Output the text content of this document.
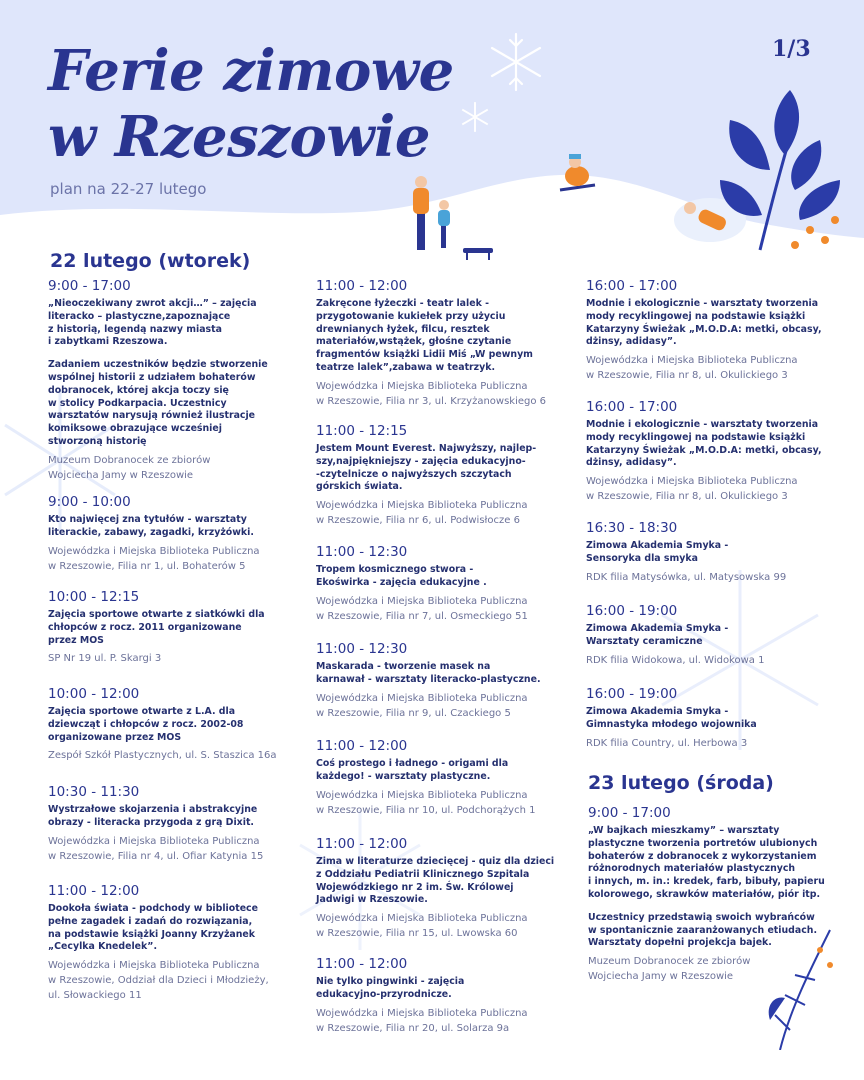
Ferie zimowe
w Rzeszowie
plan na 22-27 lutego
1/3
22 lutego (wtorek)
9:00 - 17:00
„Nieoczekiwany zwrot akcji…” – zajęcia
literacko – plastyczne,zapoznające
z historią, legendą nazwy miasta
i zabytkami Rzeszowa.
Zadaniem uczestników będzie stworzenie
wspólnej historii z udziałem bohaterów
dobranocek, której akcja toczy się
w stolicy Podkarpacia. Uczestnicy
warsztatów narysują również ilustracje
komiksowe obrazujące wcześniej
stworzoną historię
Muzeum Dobranocek ze zbiorów
Wojciecha Jamy w Rzeszowie
9:00 - 10:00
Kto najwięcej zna tytułów - warsztaty
literackie, zabawy, zagadki, krzyżówki.
Wojewódzka i Miejska Biblioteka Publiczna
w Rzeszowie, Filia nr 1, ul. Bohaterów 5
10:00 - 12:15
Zajęcia sportowe otwarte z siatkówki dla
chłopców z rocz. 2011 organizowane
przez MOS
SP Nr 19 ul. P. Skargi 3
10:00 - 12:00
Zajęcia sportowe otwarte z L.A. dla
dziewcząt i chłopców z rocz. 2002-08
organizowane przez MOS
Zespół Szkół Plastycznych, ul. S. Staszica 16a
10:30 - 11:30
Wystrzałowe skojarzenia i abstrakcyjne
obrazy - literacka przygoda z grą Dixit.
Wojewódzka i Miejska Biblioteka Publiczna
w Rzeszowie, Filia nr 4, ul. Ofiar Katynia 15
11:00 - 12:00
Dookoła świata - podchody w bibliotece
pełne zagadek i zadań do rozwiązania,
na podstawie książki Joanny Krzyżanek
„Cecylka Knedelek”.
Wojewódzka i Miejska Biblioteka Publiczna
w Rzeszowie, Oddział dla Dzieci i Młodzieży,
ul. Słowackiego 11
11:00 - 12:00
Zakręcone łyżeczki - teatr lalek -
przygotowanie kukiełek przy użyciu
drewnianych łyżek, filcu, resztek
materiałów,wstążek, głośne czytanie
fragmentów książki Lidii Miś „W pewnym
teatrze lalek”,zabawa w teatrzyk.
Wojewódzka i Miejska Biblioteka Publiczna
w Rzeszowie, Filia nr 3, ul. Krzyżanowskiego 6
11:00 - 12:15
Jestem Mount Everest. Najwyższy, najlep-
szy,najpiękniejszy - zajęcia edukacyjno-
-czytelnicze o najwyższych szczytach
górskich świata.
Wojewódzka i Miejska Biblioteka Publiczna
w Rzeszowie, Filia nr 6, ul. Podwisłocze 6
11:00 - 12:30
Tropem kosmicznego stwora -
Ekoświrka - zajęcia edukacyjne .
Wojewódzka i Miejska Biblioteka Publiczna
w Rzeszowie, Filia nr 7, ul. Osmeckiego 51
11:00 - 12:30
Maskarada - tworzenie masek na
karnawał - warsztaty literacko-plastyczne.
Wojewódzka i Miejska Biblioteka Publiczna
w Rzeszowie, Filia nr 9, ul. Czackiego 5
11:00 - 12:00
Coś prostego i ładnego - origami dla
każdego! - warsztaty plastyczne.
Wojewódzka i Miejska Biblioteka Publiczna
w Rzeszowie, Filia nr 10, ul. Podchorążych 1
11:00 - 12:00
Zima w literaturze dziecięcej - quiz dla dzieci
z Oddziału Pediatrii Klinicznego Szpitala
Wojewódzkiego nr 2 im. Św. Królowej
Jadwigi w Rzeszowie.
Wojewódzka i Miejska Biblioteka Publiczna
w Rzeszowie, Filia nr 15, ul. Lwowska 60
11:00 - 12:00
Nie tylko pingwinki - zajęcia
edukacyjno-przyrodnicze.
Wojewódzka i Miejska Biblioteka Publiczna
w Rzeszowie, Filia nr 20, ul. Solarza 9a
16:00 - 17:00
Modnie i ekologicznie - warsztaty tworzenia
mody recyklingowej na podstawie książki
Katarzyny Świeżak „M.O.D.A: metki, obcasy,
dżinsy, adidasy”.
Wojewódzka i Miejska Biblioteka Publiczna
w Rzeszowie, Filia nr 8, ul. Okulickiego 3
16:00 - 17:00
Modnie i ekologicznie - warsztaty tworzenia
mody recyklingowej na podstawie książki
Katarzyny Świeżak „M.O.D.A: metki, obcasy,
dżinsy, adidasy”.
Wojewódzka i Miejska Biblioteka Publiczna
w Rzeszowie, Filia nr 8, ul. Okulickiego 3
16:30 - 18:30
Zimowa Akademia Smyka -
Sensoryka dla smyka
RDK filia Matysówka, ul. Matysowska 99
16:00 - 19:00
Zimowa Akademia Smyka -
Warsztaty ceramiczne
RDK filia Widokowa, ul. Widokowa 1
16:00 - 19:00
Zimowa Akademia Smyka -
Gimnastyka młodego wojownika
RDK filia Country, ul. Herbowa 3
23 lutego (środa)
9:00 - 17:00
„W bajkach mieszkamy” – warsztaty
plastyczne tworzenia portretów ulubionych
bohaterów z dobranocek z wykorzystaniem
różnorodnych materiałów plastycznych
i innych, m. in.: kredek, farb, bibuły, papieru
kolorowego, skrawków materiałów, piór itp.
Uczestnicy przedstawią swoich wybrańców
w spontanicznie zaaranżowanych etiudach.
Warsztaty dopełni projekcja bajek.
Muzeum Dobranocek ze zbiorów
Wojciecha Jamy w Rzeszowie
